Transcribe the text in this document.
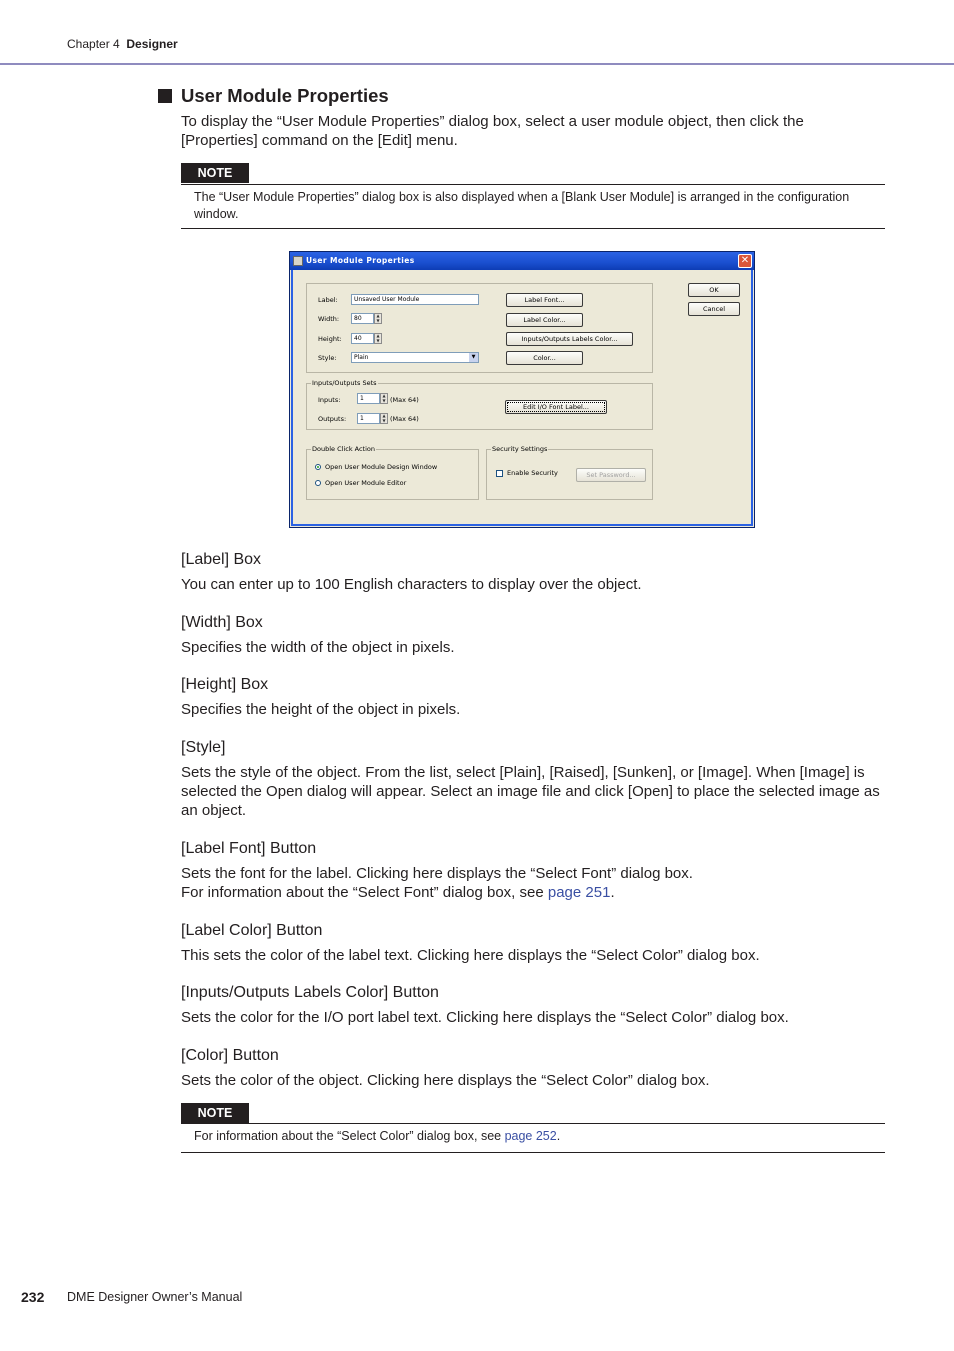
Chapter 4 Designer
User Module Properties
To display the “User Module Properties” dialog box, select a user module object, then click the [Properties] command on the [Edit] menu.
NOTE
The “User Module Properties” dialog box is also displayed when a [Blank User Module] is arranged in the configuration window.
User Module Properties	✕
Label:	Unsaved User Module
Width:	80	▲
▼
Height:	40	▲
▼
Style:	Plain	▼
Label Font...
Label Color...
Inputs/Outputs Labels Color...
Color...
OK
Cancel
Inputs/Outputs Sets
Inputs:	1	▲
▼ (Max 64)
Outputs:	1	▲
▼ (Max 64)
Edit I/O Font Label...
Double Click Action
Open User Module Design Window
Open User Module Editor
Security Settings
Enable Security	Set Password...
[Label] Box
You can enter up to 100 English characters to display over the object.
[Width] Box
Specifies the width of the object in pixels.
[Height] Box
Specifies the height of the object in pixels.
[Style]
Sets the style of the object. From the list, select [Plain], [Raised], [Sunken], or [Image]. When [Image] is selected the Open dialog will appear. Select an image file and click [Open] to place the selected image as an object.
[Label Font] Button
Sets the font for the label. Clicking here displays the “Select Font” dialog box.
For information about the “Select Font” dialog box, see page 251.
[Label Color] Button
This sets the color of the label text. Clicking here displays the “Select Color” dialog box.
[Inputs/Outputs Labels Color] Button
Sets the color for the I/O port label text. Clicking here displays the “Select Color” dialog box.
[Color] Button
Sets the color of the object. Clicking here displays the “Select Color” dialog box.
NOTE
For information about the “Select Color” dialog box, see page 252.
232 DME Designer Owner’s Manual
